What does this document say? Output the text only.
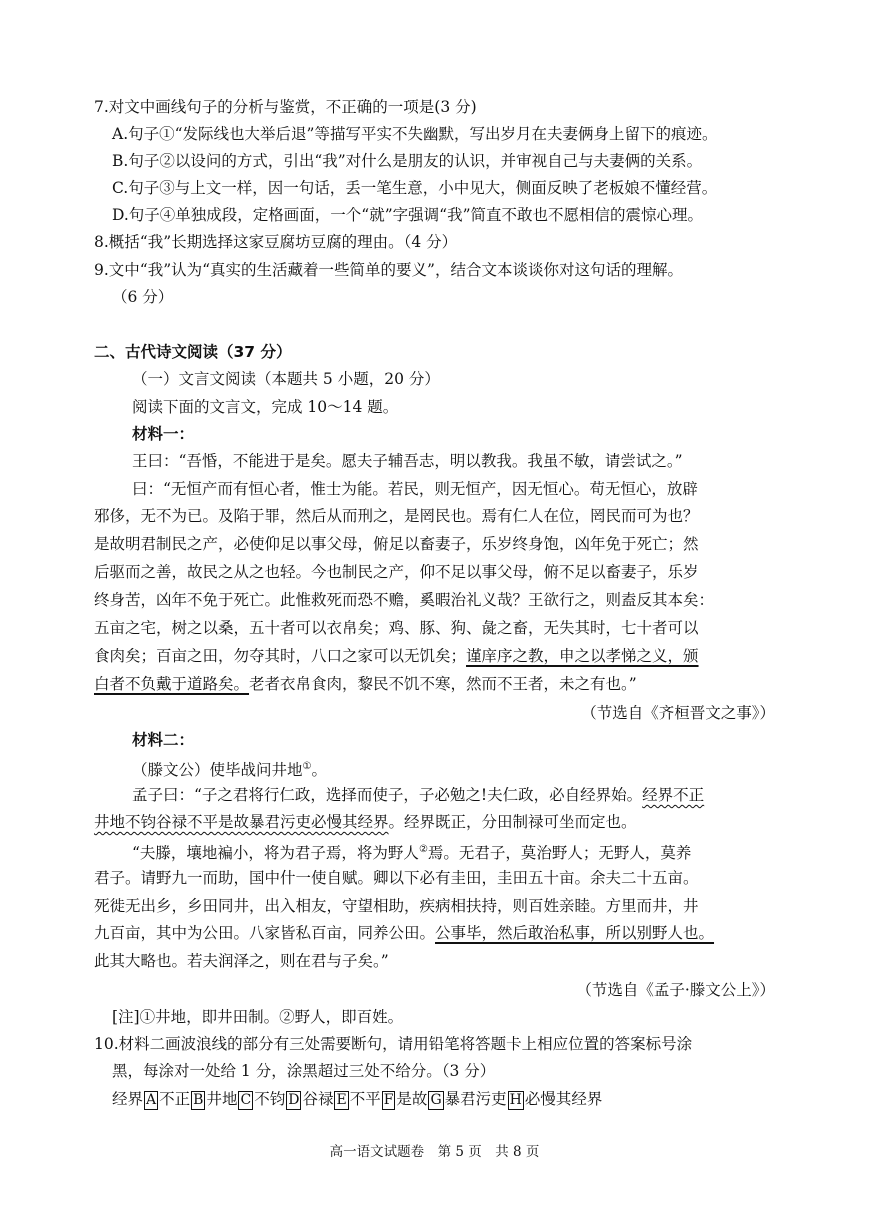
7.对文中画线句子的分析与鉴赏，不正确的一项是(3 分)
A.句子①“发际线也大举后退”等描写平实不失幽默，写出岁月在夫妻俩身上留下的痕迹。
B.句子②以设问的方式，引出“我”对什么是朋友的认识，并审视自己与夫妻俩的关系。
C.句子③与上文一样，因一句话，丢一笔生意，小中见大，侧面反映了老板娘不懂经营。
D.句子④单独成段，定格画面，一个“就”字强调“我”简直不敢也不愿相信的震惊心理。
8.概括“我”长期选择这家豆腐坊豆腐的理由。（4 分）
9.文中“我”认为“真实的生活藏着一些简单的要义”，结合文本谈谈你对这句话的理解。
（6 分）
二、古代诗文阅读（37 分）
（一）文言文阅读（本题共 5 小题，20 分）
阅读下面的文言文，完成 10～14 题。
材料一：
王曰：“吾惛，不能进于是矣。愿夫子辅吾志，明以教我。我虽不敏，请尝试之。”
曰：“无恒产而有恒心者，惟士为能。若民，则无恒产，因无恒心。苟无恒心，放辟
邪侈，无不为已。及陷于罪，然后从而刑之，是罔民也。焉有仁人在位，罔民而可为也？
是故明君制民之产，必使仰足以事父母，俯足以畜妻子，乐岁终身饱，凶年免于死亡；然
后驱而之善，故民之从之也轻。今也制民之产，仰不足以事父母，俯不足以畜妻子，乐岁
终身苦，凶年不免于死亡。此惟救死而恐不赡，奚暇治礼义哉？王欲行之，则盍反其本矣：
五亩之宅，树之以桑，五十者可以衣帛矣；鸡、豚、狗、彘之畜，无失其时，七十者可以
食肉矣；百亩之田，勿夺其时，八口之家可以无饥矣；谨庠序之教，申之以孝悌之义，颁
白者不负戴于道路矣。老者衣帛食肉，黎民不饥不寒，然而不王者，未之有也。”
（节选自《齐桓晋文之事》）
材料二：
（滕文公）使毕战问井地①。
孟子曰：“子之君将行仁政，选择而使子，子必勉之!夫仁政，必自经界始。经界不正
井地不钧谷禄不平是故暴君污吏必慢其经界。经界既正，分田制禄可坐而定也。
“夫滕，壤地褊小，将为君子焉，将为野人②焉。无君子，莫治野人；无野人，莫养
君子。请野九一而助，国中什一使自赋。卿以下必有圭田，圭田五十亩。余夫二十五亩。
死徙无出乡，乡田同井，出入相友，守望相助，疾病相扶持，则百姓亲睦。方里而井，井
九百亩，其中为公田。八家皆私百亩，同养公田。公事毕，然后敢治私事，所以别野人也。
此其大略也。若夫润泽之，则在君与子矣。”
（节选自《孟子·滕文公上》）
[注]①井地，即井田制。②野人，即百姓。
10.材料二画波浪线的部分有三处需要断句，请用铅笔将答题卡上相应位置的答案标号涂
黑，每涂对一处给 1 分，涂黑超过三处不给分。（3 分）
经界 A 不正 B 井地 C 不钧 D 谷禄 E 不平 F 是故 G 暴君污吏 H 必慢其经界
高一语文试题卷　第 5 页　共 8 页
